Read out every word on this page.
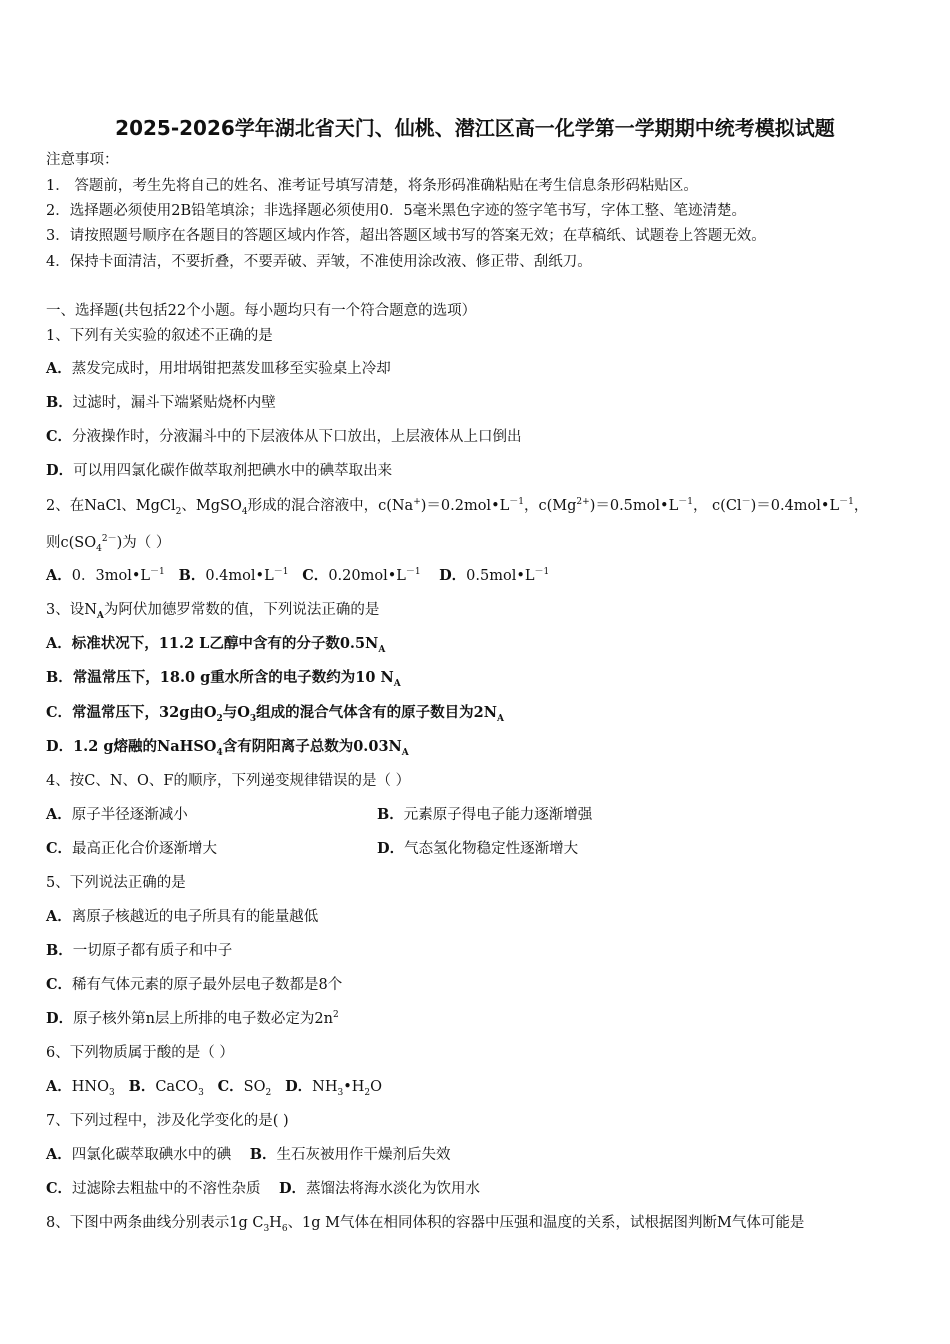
2025-2026学年湖北省天门、仙桃、潜江区高一化学第一学期期中统考模拟试题
注意事项：
1． 答题前，考生先将自己的姓名、准考证号填写清楚，将条形码准确粘贴在考生信息条形码粘贴区。
2．选择题必须使用2B铅笔填涂；非选择题必须使用0．5毫米黑色字迹的签字笔书写，字体工整、笔迹清楚。
3．请按照题号顺序在各题目的答题区域内作答，超出答题区域书写的答案无效；在草稿纸、试题卷上答题无效。
4．保持卡面清洁，不要折叠，不要弄破、弄皱，不准使用涂改液、修正带、刮纸刀。
一、选择题(共包括22个小题。每小题均只有一个符合题意的选项）
1、下列有关实验的叙述不正确的是
A．蒸发完成时，用坩埚钳把蒸发皿移至实验桌上冷却
B．过滤时，漏斗下端紧贴烧杯内壁
C．分液操作时，分液漏斗中的下层液体从下口放出，上层液体从上口倒出
D．可以用四氯化碳作做萃取剂把碘水中的碘萃取出来
2、在NaCl、MgCl$_2$、MgSO$_4$形成的混合溶液中，$c(Na^+)=0.2mol•L^{-1}$，$c(Mg^{2+})=0.5mol•L^{-1}$， $c(Cl^-)=0.4mol•L^{-1}$，
则$c(SO_4^{2-})$为（ ）
A．0．$3mol•L^{-1}$ B．$0.4mol•L^{-1}$ C．$0.20mol•L^{-1}$ D．$0.5mol•L^{-1}$
3、设$N_A$为阿伏加德罗常数的值，下列说法正确的是
A．标准状况下，11.2 L乙醇中含有的分子数$0.5N_A$
B．常温常压下，18.0 g重水所含的电子数约为10 $N_A$
C．常温常压下，32g由$O_2$与$O_3$组成的混合气体含有的原子数目为$2N_A$
D．1.2 g熔融的NaHSO$_4$含有阴阳离子总数为$0.03N_A$
4、按C、N、O、F的顺序，下列递变规律错误的是（ ）
A．原子半径逐渐减小	B．元素原子得电子能力逐渐增强
C．最高正化合价逐渐增大	D．气态氢化物稳定性逐渐增大
5、下列说法正确的是
A．离原子核越近的电子所具有的能量越低
B．一切原子都有质子和中子
C．稀有气体元素的原子最外层电子数都是8个
D．原子核外第n层上所排的电子数必定为$2n^2$
6、下列物质属于酸的是（ ）
A．$HNO_3$ B．CaCO$_3$ C．$SO_2$ D．$NH_3•H_2O$
7、下列过程中，涉及化学变化的是( )
A．四氯化碳萃取碘水中的碘 B．生石灰被用作干燥剂后失效
C．过滤除去粗盐中的不溶性杂质 D．蒸馏法将海水淡化为饮用水
8、下图中两条曲线分别表示1g $C_3H_6$、1g M气体在相同体积的容器中压强和温度的关系，试根据图判断M气体可能是
